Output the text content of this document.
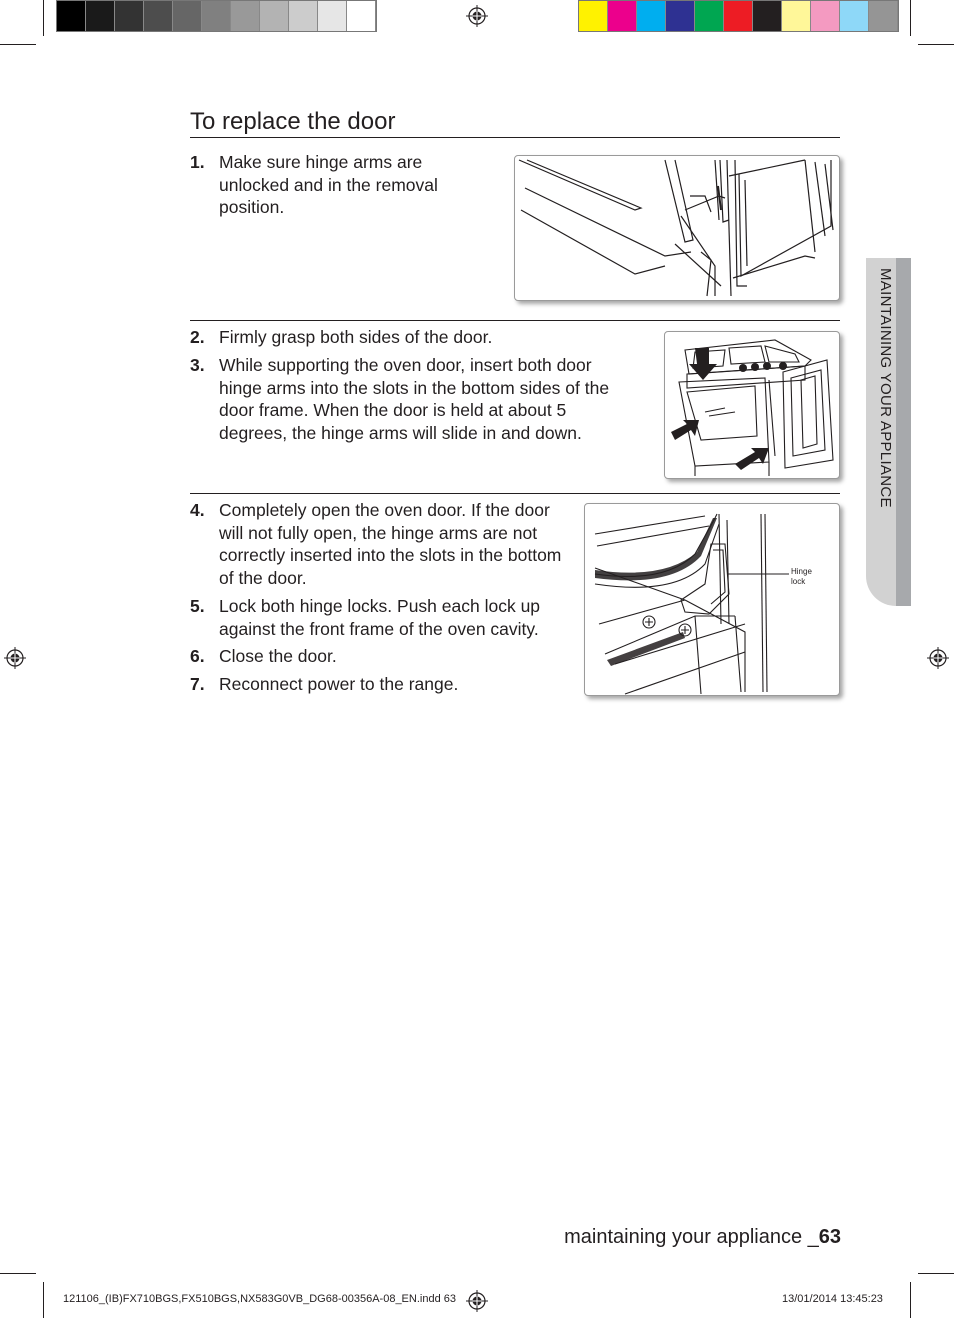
To replace the door
1. Make sure hinge arms are unlocked and in the removal position.
2. Firmly grasp both sides of the door.
3. While supporting the oven door, insert both door hinge arms into the slots in the bottom sides of the door frame. When the door is held at about 5 degrees, the hinge arms will slide in and down.
4. Completely open the oven door. If the door will not fully open, the hinge arms are not correctly inserted into the slots in the bottom of the door.
5. Lock both hinge locks. Push each lock up against the front frame of the oven cavity.
6. Close the door.
7. Reconnect power to the range.
Hinge lock
MAINTAINING YOUR APPLIANCE
maintaining your appliance _63
121106_(IB)FX710BGS,FX510BGS,NX583G0VB_DG68-00356A-08_EN.indd 63	13/01/2014 13:45:23
